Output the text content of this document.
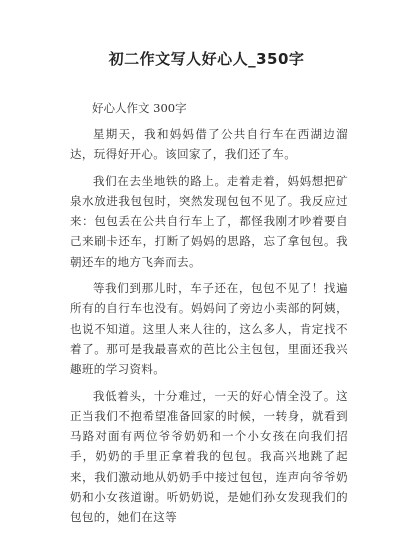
初二作文写人好心人_350字

好心人作文 300字

星期天，我和妈妈借了公共自行车在西湖边溜达，玩得好开心。该回家了，我们还了车。

我们在去坐地铁的路上。走着走着，妈妈想把矿泉水放进我包包时，突然发现包包不见了。我反应过来：包包丢在公共自行车上了，都怪我刚才吵着要自己来刷卡还车，打断了妈妈的思路，忘了拿包包。我朝还车的地方飞奔而去。

等我们到那儿时，车子还在，包包不见了！找遍所有的自行车也没有。妈妈问了旁边小卖部的阿姨，也说不知道。这里人来人往的，这么多人，肯定找不着了。那可是我最喜欢的芭比公主包包，里面还我兴趣班的学习资料。

我低着头，十分难过，一天的好心情全没了。这正当我们不抱希望准备回家的时候，一转身，就看到马路对面有两位爷爷奶奶和一个小女孩在向我们招手，奶奶的手里正拿着我的包包。我高兴地跳了起来，我们激动地从奶奶手中接过包包，连声向爷爷奶奶和小女孩道谢。听奶奶说，是她们孙女发现我们的包包的，她们在这等
